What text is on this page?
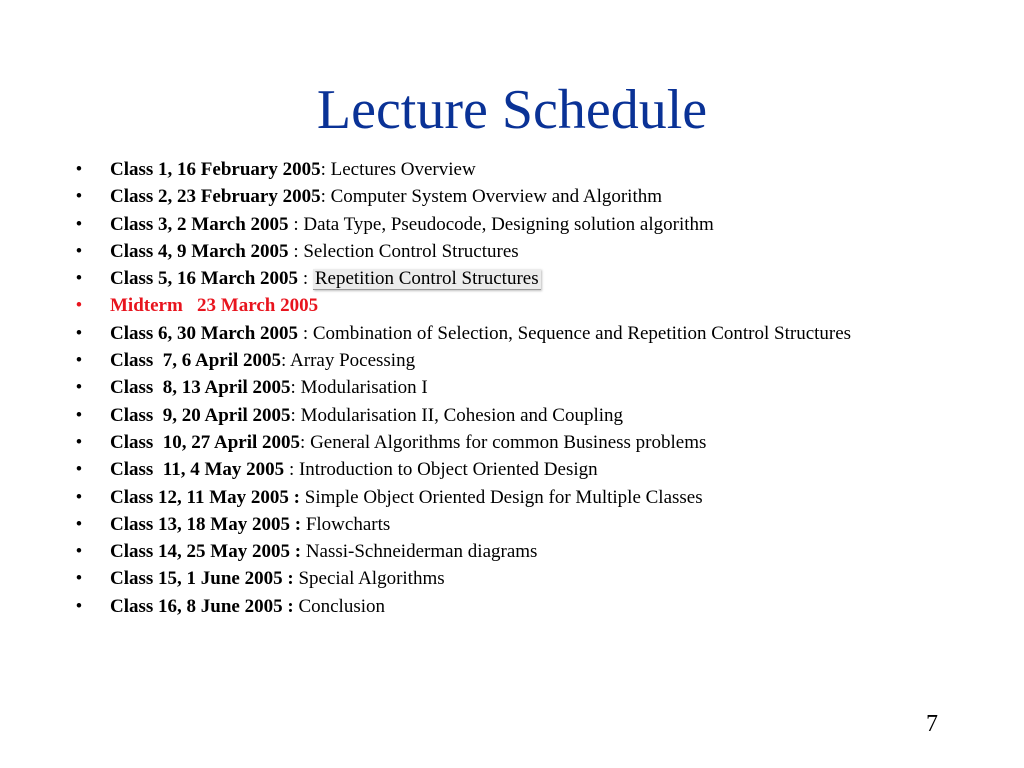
Lecture Schedule
• Class 1, 16 February 2005: Lectures Overview
• Class 2, 23 February 2005: Computer System Overview and Algorithm
• Class 3, 2 March 2005 : Data Type, Pseudocode, Designing solution algorithm
• Class 4, 9 March 2005 : Selection Control Structures
• Class 5, 16 March 2005 : Repetition Control Structures
• Midterm   23 March 2005
• Class 6, 30 March 2005 : Combination of Selection, Sequence and Repetition Control Structures
• Class  7, 6 April 2005: Array Pocessing
• Class  8, 13 April 2005: Modularisation I
• Class  9, 20 April 2005: Modularisation II, Cohesion and Coupling
• Class  10, 27 April 2005: General Algorithms for common Business problems
• Class  11, 4 May 2005 : Introduction to Object Oriented Design
• Class 12, 11 May 2005 : Simple Object Oriented Design for Multiple Classes
• Class 13, 18 May 2005 : Flowcharts
• Class 14, 25 May 2005 : Nassi-Schneiderman diagrams
• Class 15, 1 June 2005 : Special Algorithms
• Class 16, 8 June 2005 : Conclusion
7
